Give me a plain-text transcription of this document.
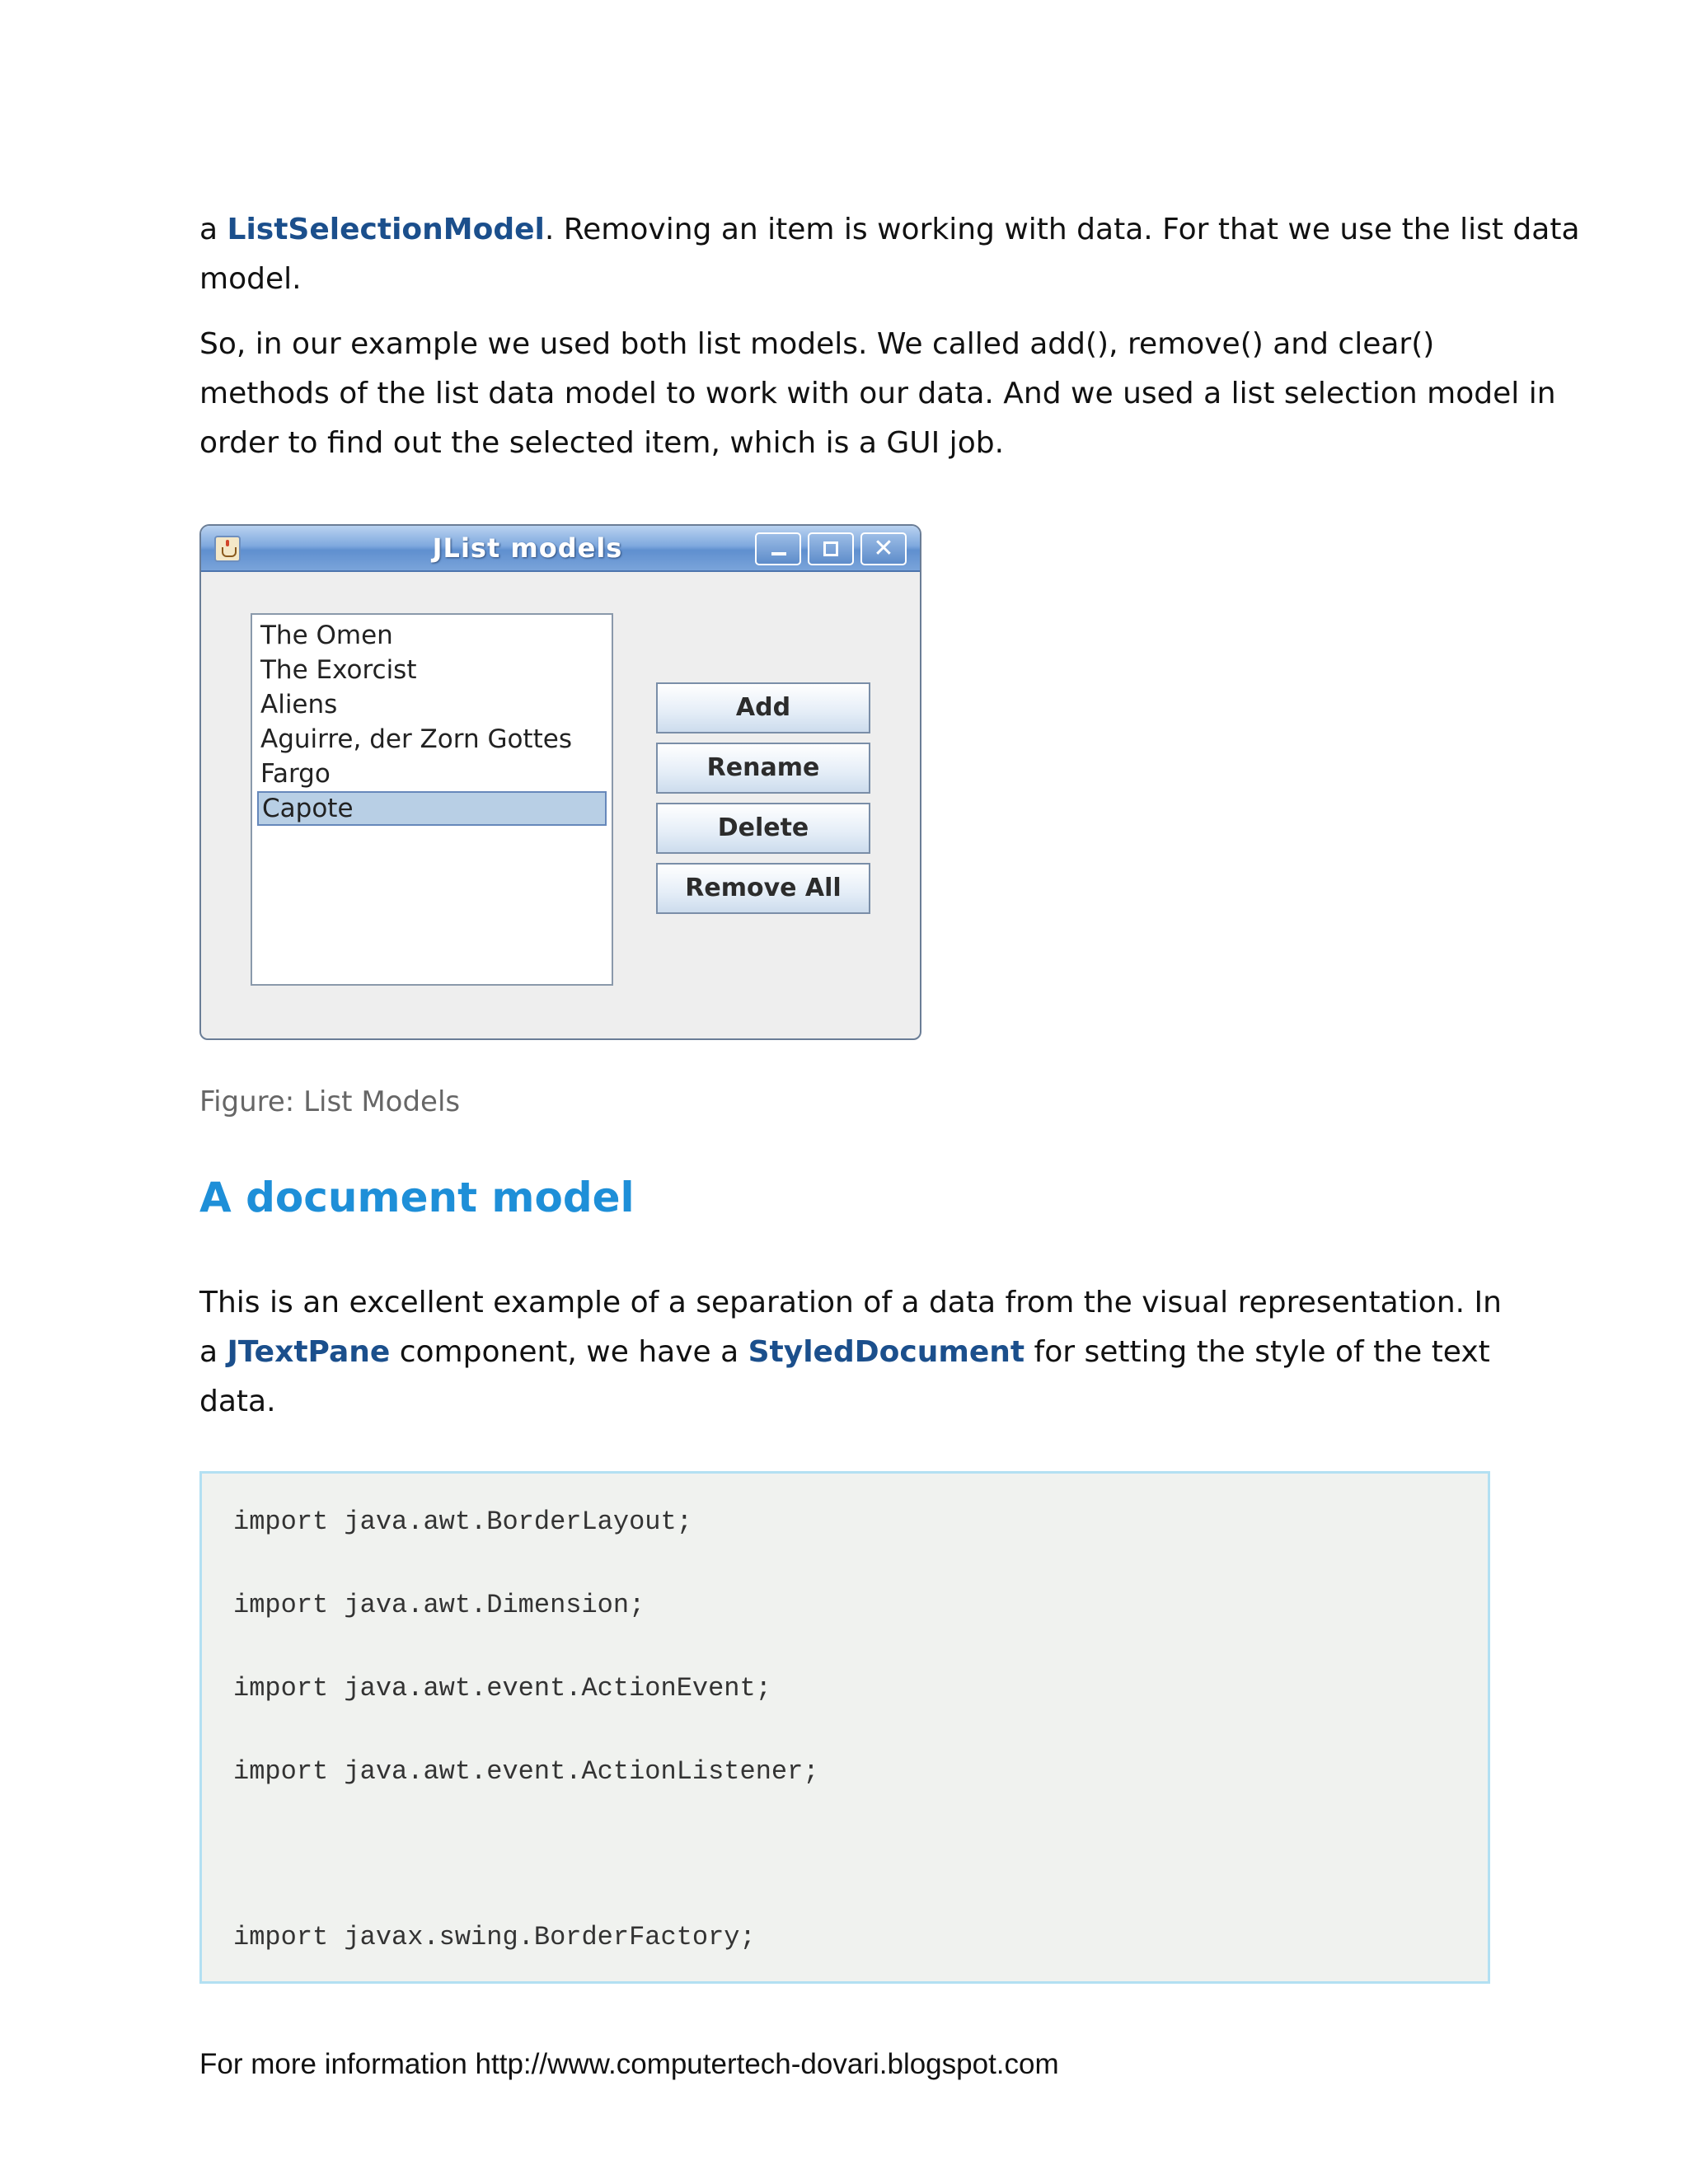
a ListSelectionModel. Removing an item is working with data. For that we use the list data

model.

So, in our example we used both list models. We called add(), remove() and clear()

methods of the list data model to work with our data. And we used a list selection model in

order to find out the selected item, which is a GUI job.

JList models	✕
The Omen
The Exorcist
Aliens
Aguirre, der Zorn Gottes
Fargo
Capote
Add
Rename
Delete
Remove All

Figure: List Models

A document model

This is an excellent example of a separation of a data from the visual representation. In

a JTextPane component, we have a StyledDocument for setting the style of the text

data.

import java.awt.BorderLayout;

import java.awt.Dimension;

import java.awt.event.ActionEvent;

import java.awt.event.ActionListener;

import javax.swing.BorderFactory;

For more information http://www.computertech-dovari.blogspot.com
